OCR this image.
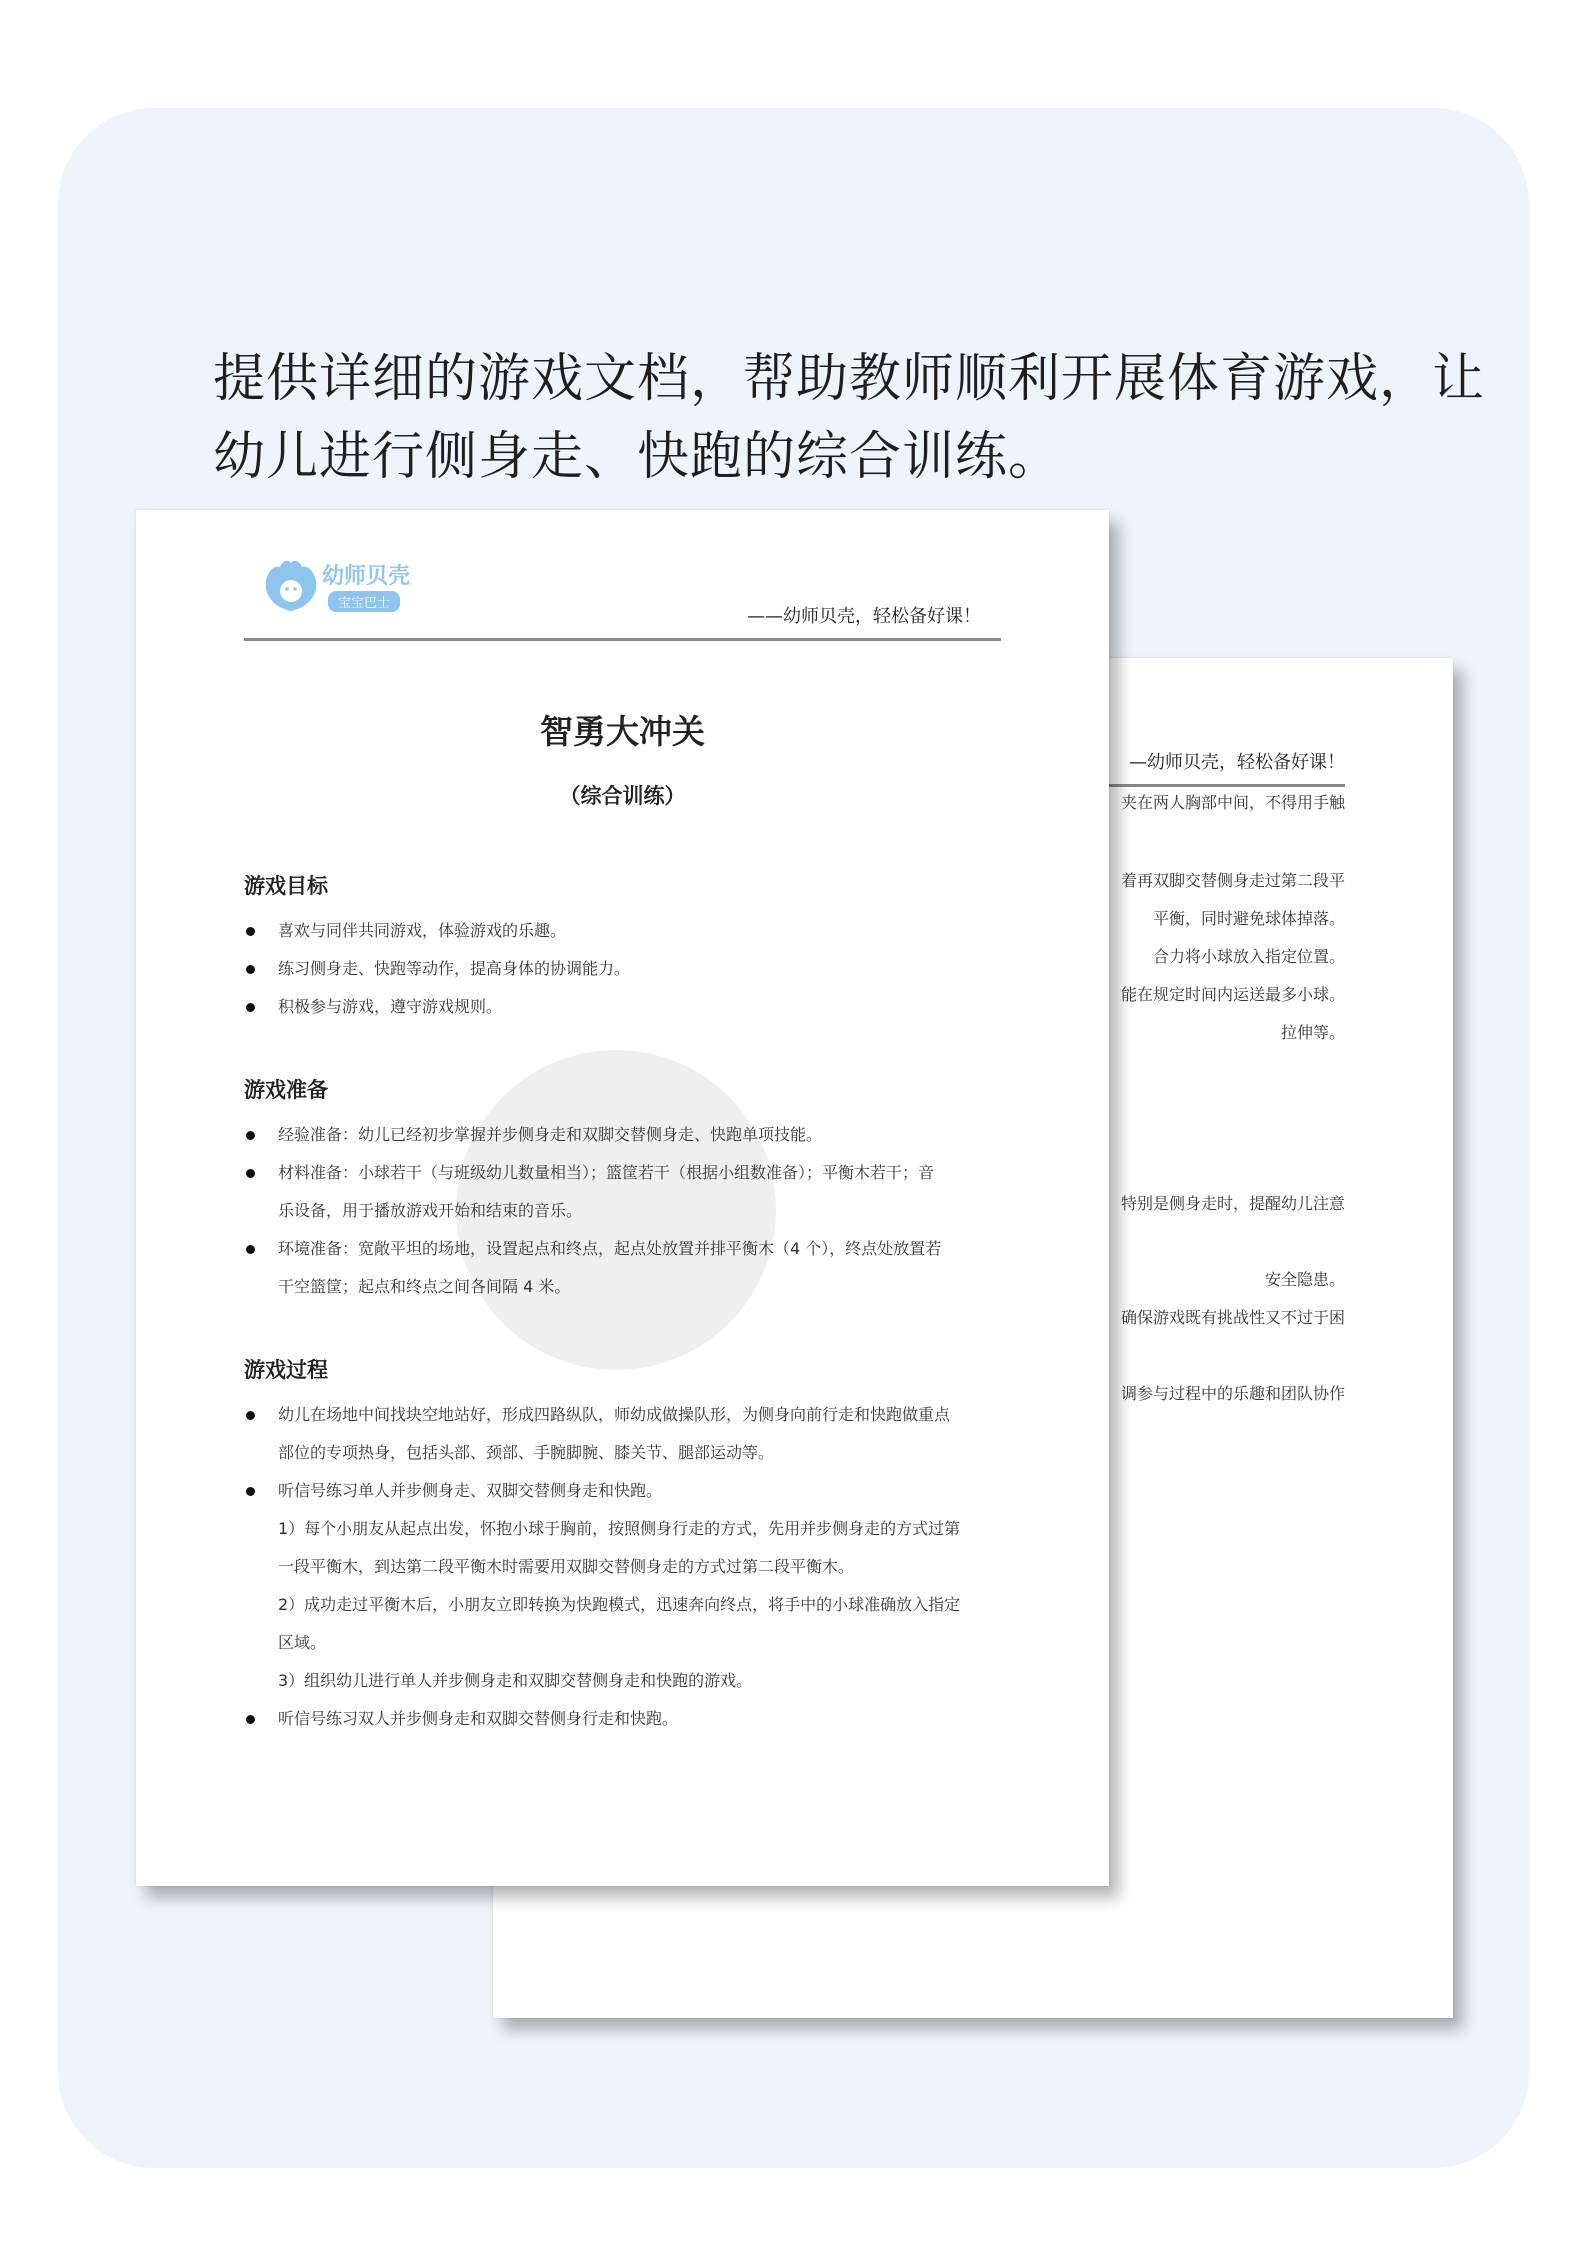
提供详细的游戏文档，帮助教师顺利开展体育游戏，让
幼儿进行侧身走、快跑的综合训练。
—幼师贝壳，轻松备好课！
夹在两人胸部中间，不得用手触
着再双脚交替侧身走过第二段平
平衡，同时避免球体掉落。
合力将小球放入指定位置。
能在规定时间内运送最多小球。
拉伸等。
特别是侧身走时，提醒幼儿注意
安全隐患。
确保游戏既有挑战性又不过于困
调参与过程中的乐趣和团队协作
幼师贝壳
宝宝巴士
——幼师贝壳，轻松备好课！
智勇大冲关
（综合训练）
游戏目标
喜欢与同伴共同游戏，体验游戏的乐趣。
练习侧身走、快跑等动作，提高身体的协调能力。
积极参与游戏，遵守游戏规则。
游戏准备
经验准备：幼儿已经初步掌握并步侧身走和双脚交替侧身走、快跑单项技能。
材料准备：小球若干（与班级幼儿数量相当）；篮筐若干（根据小组数准备）；平衡木若干；音
乐设备，用于播放游戏开始和结束的音乐。
环境准备：宽敞平坦的场地，设置起点和终点，起点处放置并排平衡木（4 个），终点处放置若
干空篮筐；起点和终点之间各间隔 4 米。
游戏过程
幼儿在场地中间找块空地站好，形成四路纵队，师幼成做操队形，为侧身向前行走和快跑做重点
部位的专项热身，包括头部、颈部、手腕脚腕、膝关节、腿部运动等。
听信号练习单人并步侧身走、双脚交替侧身走和快跑。
1）每个小朋友从起点出发，怀抱小球于胸前，按照侧身行走的方式，先用并步侧身走的方式过第
一段平衡木，到达第二段平衡木时需要用双脚交替侧身走的方式过第二段平衡木。
2）成功走过平衡木后，小朋友立即转换为快跑模式，迅速奔向终点，将手中的小球准确放入指定
区域。
3）组织幼儿进行单人并步侧身走和双脚交替侧身走和快跑的游戏。
听信号练习双人并步侧身走和双脚交替侧身行走和快跑。
